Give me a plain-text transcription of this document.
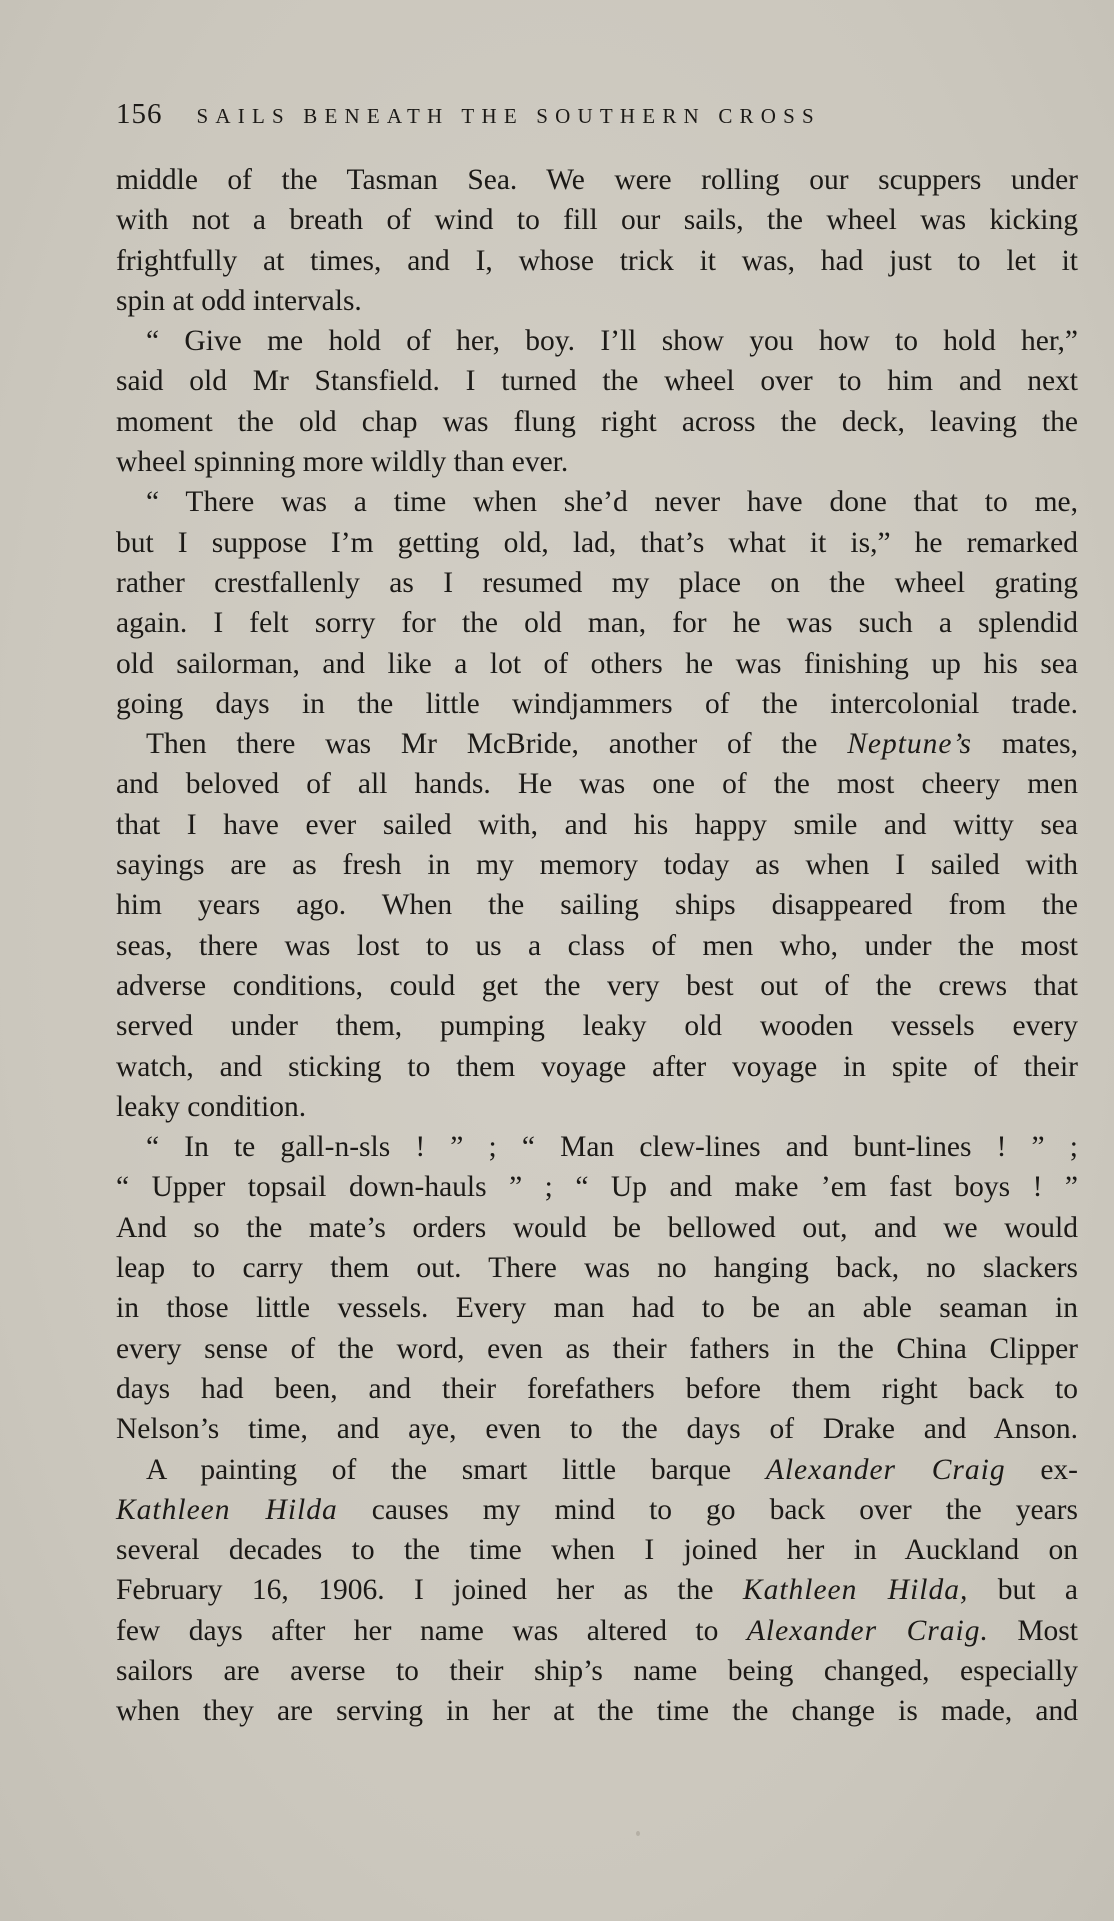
156 SAILS BENEATH THE SOUTHERN CROSS
middle of the Tasman Sea. We were rolling our scuppers under
with not a breath of wind to fill our sails, the wheel was kicking
frightfully at times, and I, whose trick it was, had just to let it
spin at odd intervals.
“ Give me hold of her, boy. I’ll show you how to hold her,”
said old Mr Stansfield. I turned the wheel over to him and next
moment the old chap was flung right across the deck, leaving the
wheel spinning more wildly than ever.
“ There was a time when she’d never have done that to me,
but I suppose I’m getting old, lad, that’s what it is,” he remarked
rather crestfallenly as I resumed my place on the wheel grating
again. I felt sorry for the old man, for he was such a splendid
old sailorman, and like a lot of others he was finishing up his sea
going days in the little windjammers of the intercolonial trade.
Then there was Mr McBride, another of the Neptune’s mates,
and beloved of all hands. He was one of the most cheery men
that I have ever sailed with, and his happy smile and witty sea
sayings are as fresh in my memory today as when I sailed with
him years ago. When the sailing ships disappeared from the
seas, there was lost to us a class of men who, under the most
adverse conditions, could get the very best out of the crews that
served under them, pumping leaky old wooden vessels every
watch, and sticking to them voyage after voyage in spite of their
leaky condition.
“ In te gall-n-sls ! ” ; “ Man clew-lines and bunt-lines ! ” ;
“ Upper topsail down-hauls ” ; “ Up and make ’em fast boys ! ”
And so the mate’s orders would be bellowed out, and we would
leap to carry them out. There was no hanging back, no slackers
in those little vessels. Every man had to be an able seaman in
every sense of the word, even as their fathers in the China Clipper
days had been, and their forefathers before them right back to
Nelson’s time, and aye, even to the days of Drake and Anson.
A painting of the smart little barque Alexander Craig ex-
Kathleen Hilda causes my mind to go back over the years
several decades to the time when I joined her in Auckland on
February 16, 1906. I joined her as the Kathleen Hilda, but a
few days after her name was altered to Alexander Craig. Most
sailors are averse to their ship’s name being changed, especially
when they are serving in her at the time the change is made, and
